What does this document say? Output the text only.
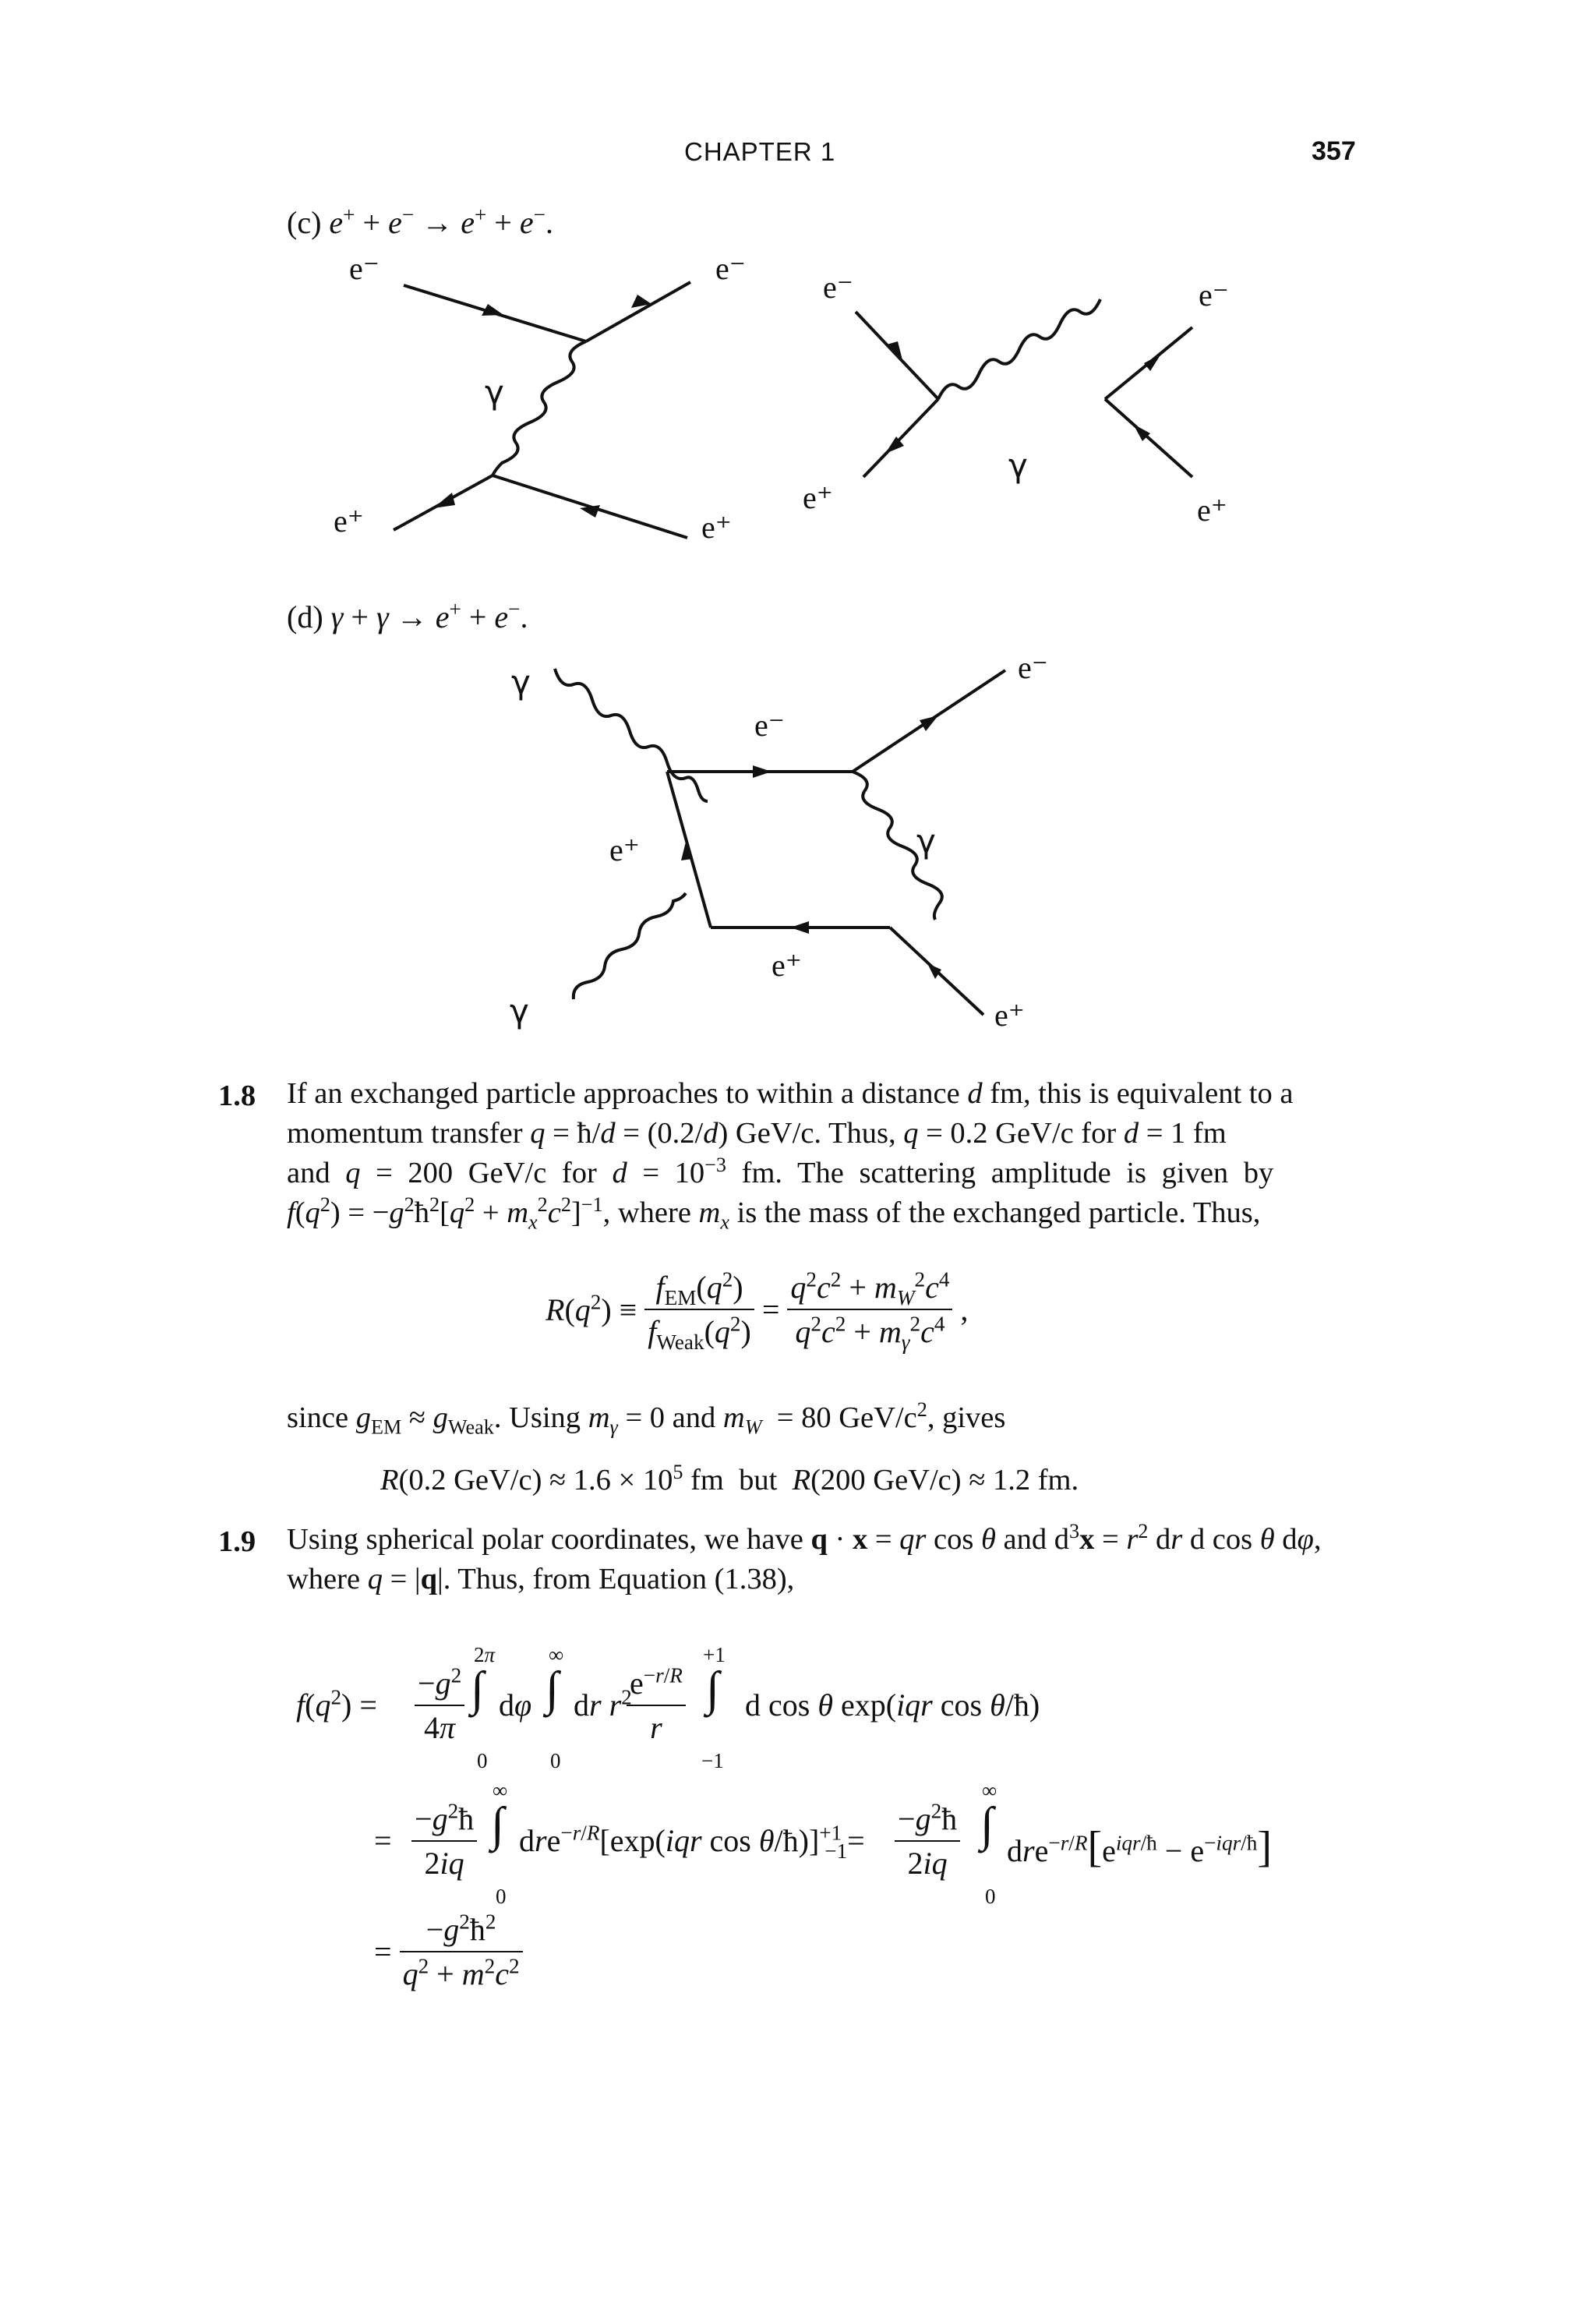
CHAPTER 1	357
(c) e+ + e− → e+ + e−.
e⁻	e⁻
γ
e⁺	e⁺
e⁻	e⁻
γ
e⁺	e⁺
γ
γ
e⁻
e⁺
e⁺
γ
e⁻
e⁺
(d) γ + γ → e+ + e−.
1.8 If an exchanged particle approaches to within a distance d fm, this is equivalent to a
momentum transfer q = ħ/d = (0.2/d) GeV/c. Thus, q = 0.2 GeV/c for d = 1 fm
and q = 200 GeV/c for $d = 10^{-3}$ fm. The scattering amplitude is given by
$f(q^2)$ = $-g^2ħ^2[q^2 + m_x^2c^2]^{-1}$, where $m_x$ is the mass of the exchanged particle. Thus,
$R(q^2) \equiv \frac{f_{EM}(q^2)}{f_{Weak}(q^2)} = \frac{q^2c^2 + m_W^2c^4}{q^2c^2 + m_\gamma^2c^4}$ ,
since $g_{EM} \approx g_{Weak}$. Using $m_\gamma = 0$ and $m_W = 80$ GeV/$c^2$, gives
R(0.2 $GeV/c) \approx 1.6 \times 10^5$ fm  but  R(200 GeV/c) ≈ 1.2 fm.
1.9 Using spherical polar coordinates, we have q · x = qr cos θ and $d^3x = r^2$ dr d cos θ dφ,
where q = |q|. Thus, from Equation (1.38),
$f(q^2) = \frac{-g^2}{4\pi}$
2π
∫
0
dφ
∞
∫
0
dr $r^2$
$\frac{e^{-r/R}}{r}$
+1
∫
−1
d cos θ exp(iqr cos θ/ħ)
= $\frac{-g^2ħ}{2iq}$
∞
∫
0
dre$^{-r/R}$[exp(iqr cos θ/ħ)]$^{+1}_{-1}$= $\frac{-g^2ħ}{2iq}$
∞
∫
0
$dre^{-r/R}[e^{iqr/ħ} - e^{-iqr/ħ}]$
= $\frac{-g^2ħ^2}{q^2 + m^2c^2}$
